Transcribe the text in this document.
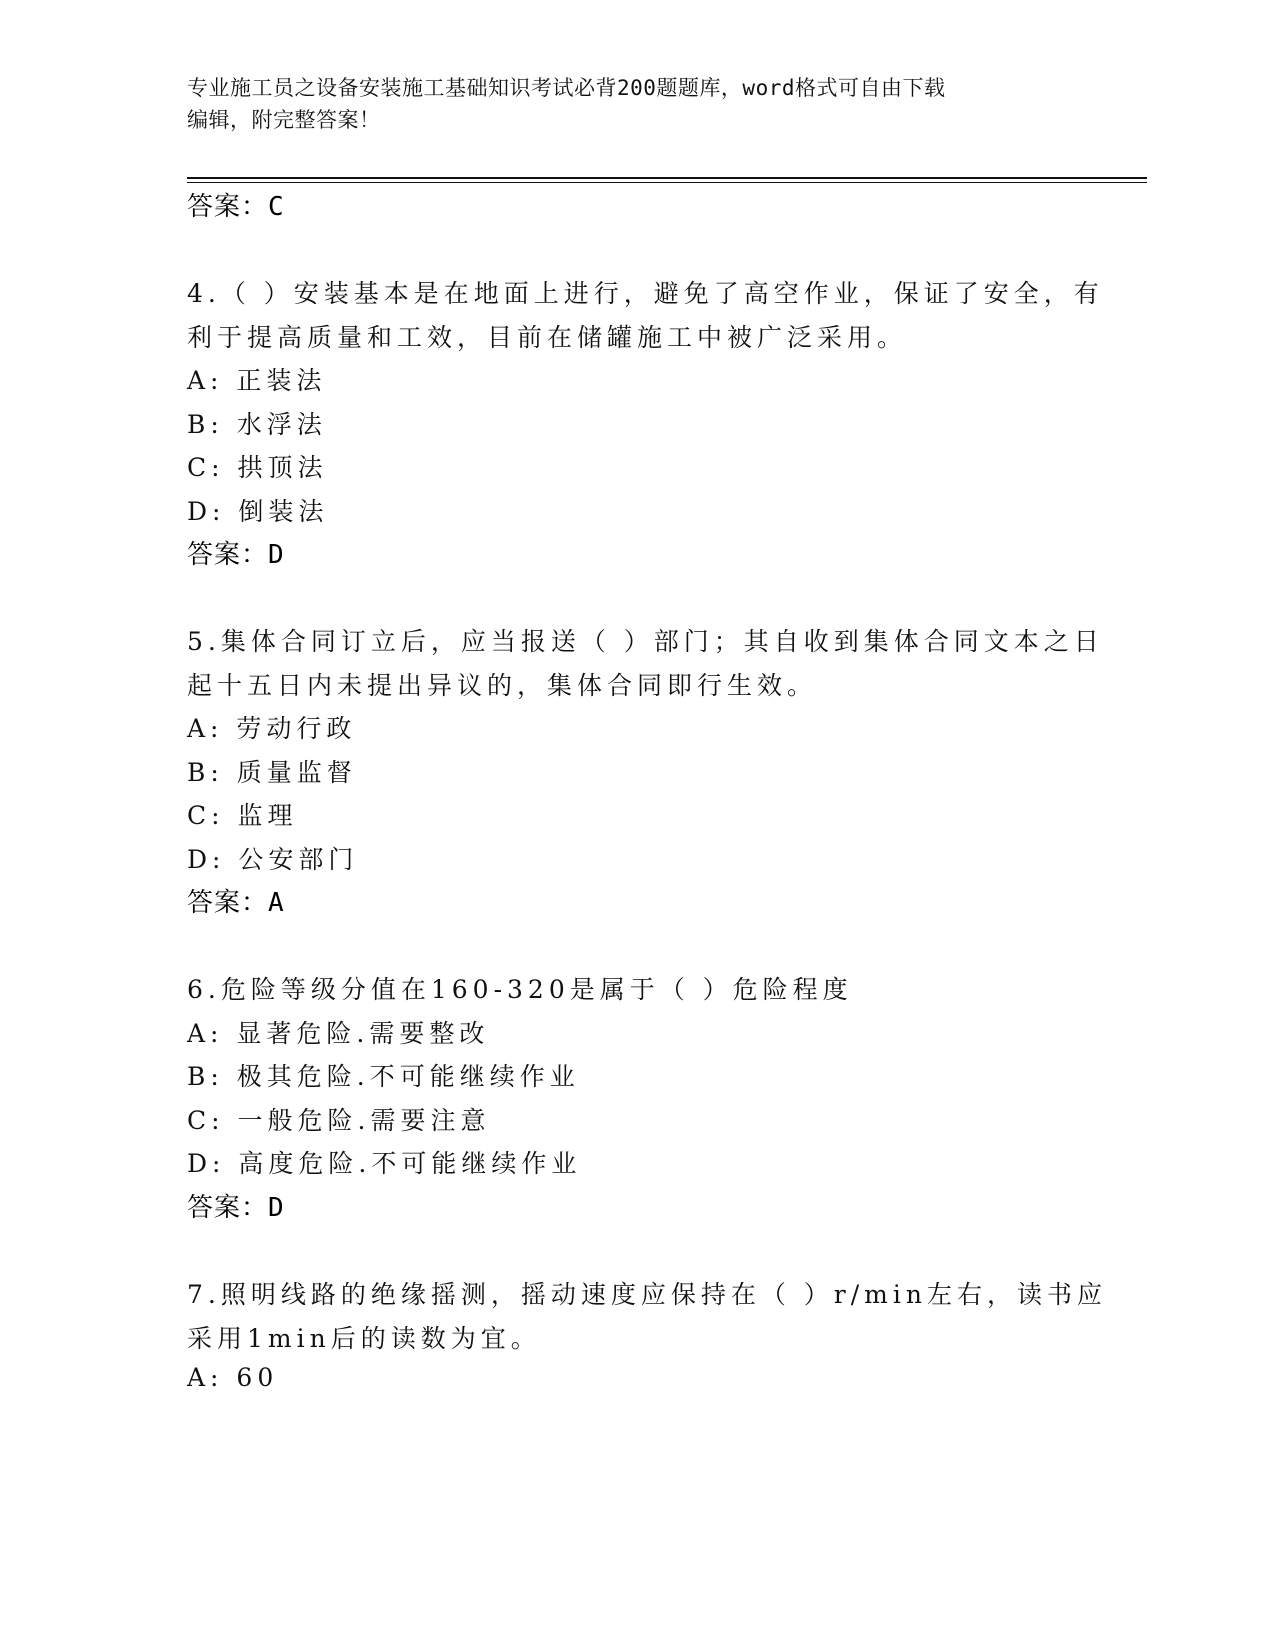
专业施工员之设备安装施工基础知识考试必背200题题库，word格式可自由下载
编辑，附完整答案！
答案：C
4.（ ）安装基本是在地面上进行，避免了高空作业，保证了安全，有
利于提高质量和工效，目前在储罐施工中被广泛采用。
A: 正装法
B: 水浮法
C: 拱顶法
D: 倒装法
答案：D
5.集体合同订立后，应当报送（ ）部门；其自收到集体合同文本之日
起十五日内未提出异议的，集体合同即行生效。
A: 劳动行政
B: 质量监督
C: 监理
D: 公安部门
答案：A
6.危险等级分值在160-320是属于（ ）危险程度
A: 显著危险.需要整改
B: 极其危险.不可能继续作业
C: 一般危险.需要注意
D: 高度危险.不可能继续作业
答案：D
7.照明线路的绝缘摇测，摇动速度应保持在（ ）r/min左右，读书应
采用1min后的读数为宜。
A: 60
